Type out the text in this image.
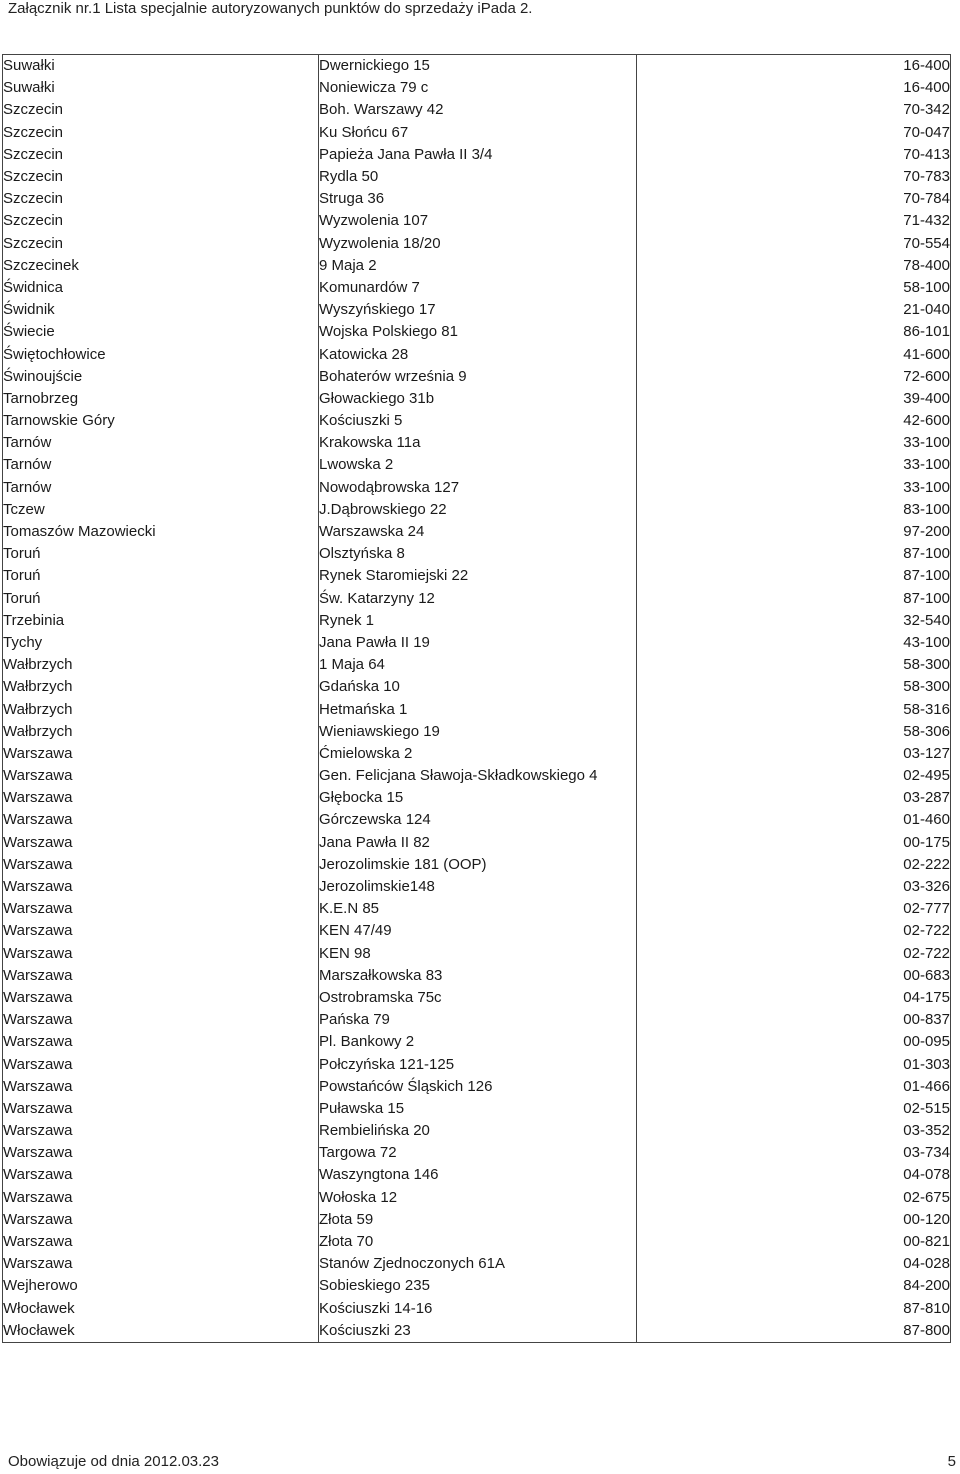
Załącznik nr.1 Lista specjalnie autoryzowanych punktów do sprzedaży iPada 2.
Suwałki	Dwernickiego 15	16-400
Suwałki	Noniewicza 79 c	16-400
Szczecin	Boh. Warszawy 42	70-342
Szczecin	Ku Słońcu 67	70-047
Szczecin	Papieża Jana Pawła II 3/4	70-413
Szczecin	Rydla 50	70-783
Szczecin	Struga 36	70-784
Szczecin	Wyzwolenia 107	71-432
Szczecin	Wyzwolenia 18/20	70-554
Szczecinek	9 Maja 2	78-400
Świdnica	Komunardów 7	58-100
Świdnik	Wyszyńskiego 17	21-040
Świecie	Wojska Polskiego 81	86-101
Świętochłowice	Katowicka 28	41-600
Świnoujście	Bohaterów września 9	72-600
Tarnobrzeg	Głowackiego 31b	39-400
Tarnowskie Góry	Kościuszki 5	42-600
Tarnów	Krakowska 11a	33-100
Tarnów	Lwowska 2	33-100
Tarnów	Nowodąbrowska 127	33-100
Tczew	J.Dąbrowskiego 22	83-100
Tomaszów Mazowiecki	Warszawska 24	97-200
Toruń	Olsztyńska 8	87-100
Toruń	Rynek Staromiejski 22	87-100
Toruń	Św. Katarzyny 12	87-100
Trzebinia	Rynek 1	32-540
Tychy	Jana Pawła II 19	43-100
Wałbrzych	1 Maja 64	58-300
Wałbrzych	Gdańska 10	58-300
Wałbrzych	Hetmańska 1	58-316
Wałbrzych	Wieniawskiego 19	58-306
Warszawa	Ćmielowska 2	03-127
Warszawa	Gen. Felicjana Sławoja-Składkowskiego 4	02-495
Warszawa	Głębocka 15	03-287
Warszawa	Górczewska 124	01-460
Warszawa	Jana Pawła II 82	00-175
Warszawa	Jerozolimskie 181 (OOP)	02-222
Warszawa	Jerozolimskie148	03-326
Warszawa	K.E.N 85	02-777
Warszawa	KEN 47/49	02-722
Warszawa	KEN 98	02-722
Warszawa	Marszałkowska 83	00-683
Warszawa	Ostrobramska 75c	04-175
Warszawa	Pańska 79	00-837
Warszawa	Pl. Bankowy 2	00-095
Warszawa	Połczyńska 121-125	01-303
Warszawa	Powstańców Śląskich 126	01-466
Warszawa	Puławska 15	02-515
Warszawa	Rembielińska 20	03-352
Warszawa	Targowa 72	03-734
Warszawa	Waszyngtona 146	04-078
Warszawa	Wołoska 12	02-675
Warszawa	Złota 59	00-120
Warszawa	Złota 70	00-821
Warszawa	Stanów Zjednoczonych 61A	04-028
Wejherowo	Sobieskiego 235	84-200
Włocławek	Kościuszki 14-16	87-810
Włocławek	Kościuszki 23	87-800
Obowiązuje od dnia 2012.03.23	5
